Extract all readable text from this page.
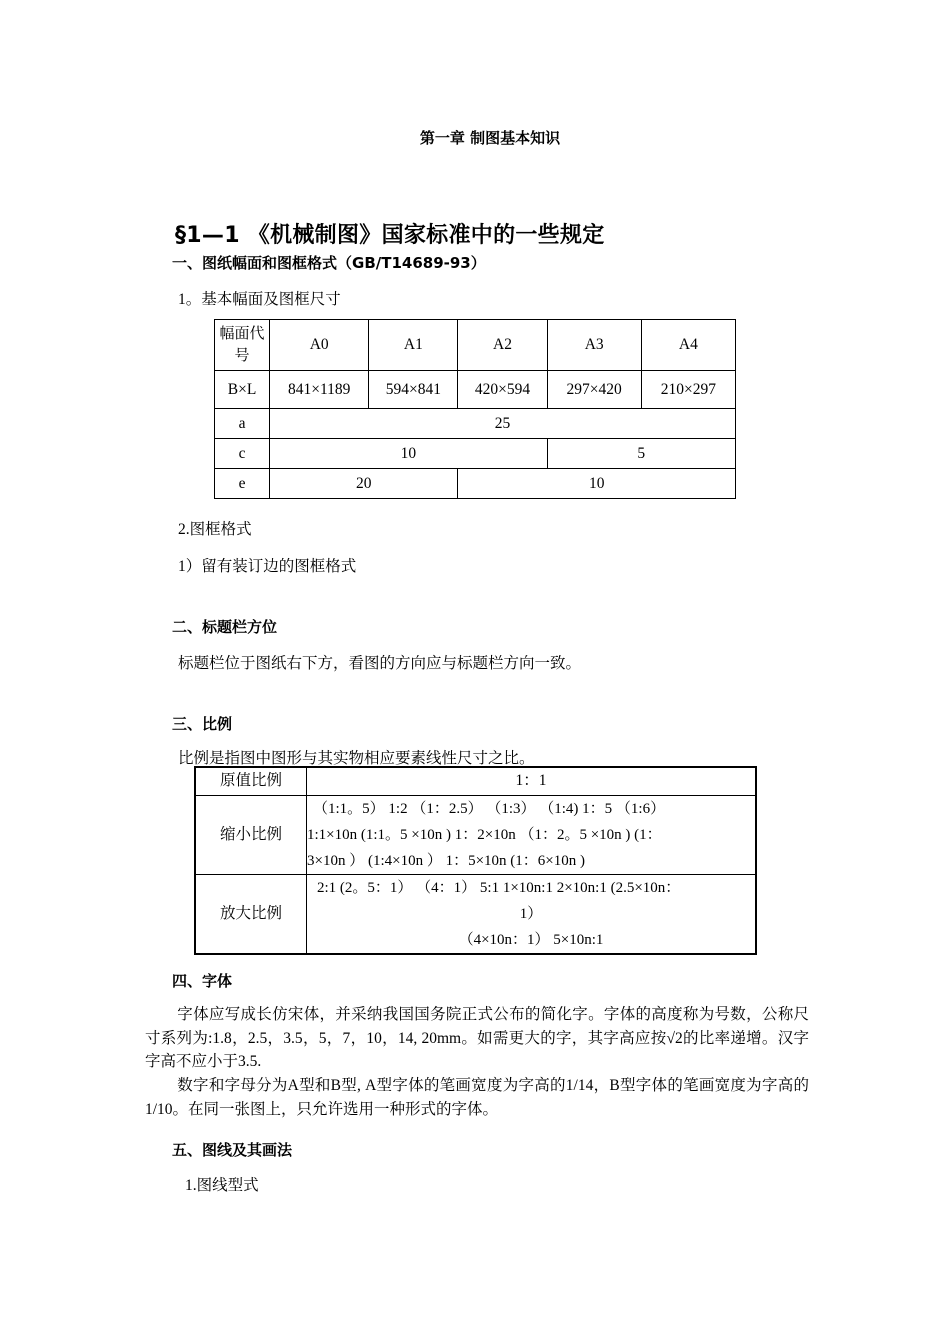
第一章 制图基本知识
§1—1 《机械制图》国家标准中的一些规定
一、图纸幅面和图框格式（GB/T14689-93）
1。基本幅面及图框尺寸
幅面代号	A0	A1	A2	A3	A4
B×L	841×1189	594×841	420×594	297×420	210×297
a	25				
c	10			5	
e	20		10		
2.图框格式
1）留有装订边的图框格式
二、标题栏方位
标题栏位于图纸右下方，看图的方向应与标题栏方向一致。
三、比例
比例是指图中图形与其实物相应要素线性尺寸之比。
原值比例	1：1
缩小比例	（1:1。5） 1:2 （1：2.5） （1:3） （1:4) 1：5 （1:6）
1:1×10n (1:1。5 ×10n ) 1：2×10n （1：2。5 ×10n ) (1：
3×10n ） (1:4×10n ） 1：5×10n (1：6×10n )

放大比例	2:1 (2。5：1） （4：1） 5:1 1×10n:1 2×10n:1 (2.5×10n：
1）
（4×10n：1） 5×10n:1
四、字体
字体应写成长仿宋体，并采纳我国国务院正式公布的简化字。字体的高度称为号数，公称尺寸系列为:1.8，2.5，3.5，5，7，10，14, 20mm。如需更大的字，其字高应按√2的比率递增。汉字字高不应小于3.5.
数字和字母分为A型和B型, A型字体的笔画宽度为字高的1/14，B型字体的笔画宽度为字高的1/10。在同一张图上，只允许选用一种形式的字体。
五、图线及其画法
1.图线型式
